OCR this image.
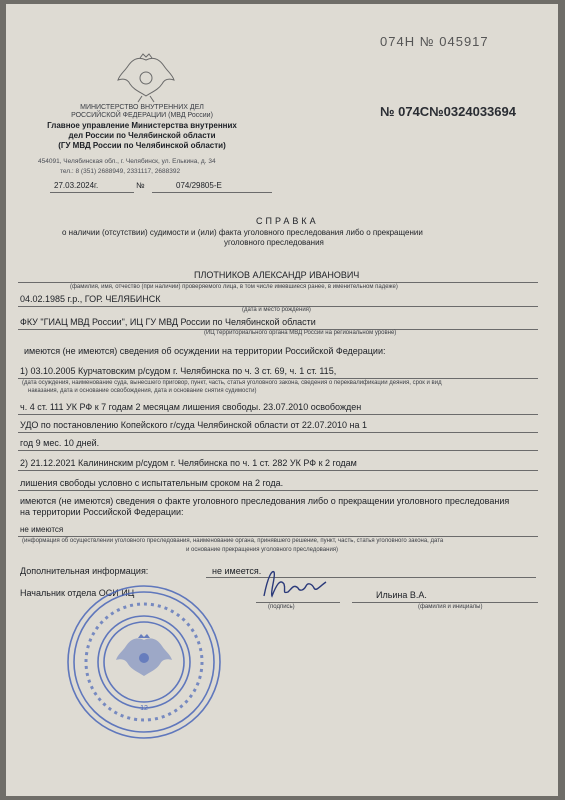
074Н № 045917
МИНИСТЕРСТВО ВНУТРЕННИХ ДЕЛ
РОССИЙСКОЙ ФЕДЕРАЦИИ (МВД России)
Главное управление Министерства внутренних
дел России по Челябинской области
(ГУ МВД России по Челябинской области)
454091, Челябинская обл., г. Челябинск, ул. Елькина, д. 34
тел.: 8 (351) 2688949, 2331117, 2688392
27.03.2024г.	№	074/29805-Е
№ 074С№0324033694
СПРАВКА
о наличии (отсутствии) судимости и (или) факта уголовного преследования либо о прекращении
уголовного преследования
ПЛОТНИКОВ АЛЕКСАНДР ИВАНОВИЧ
(фамилия, имя, отчество (при наличии) проверяемого лица, в том числе имевшиеся ранее, в именительном падеже)
04.02.1985 г.р., ГОР. ЧЕЛЯБИНСК
(дата и место рождения)
ФКУ "ГИАЦ МВД России", ИЦ ГУ МВД России по Челябинской области
(ИЦ территориального органа МВД России на региональном уровне)
имеются (не имеются) сведения об осуждении на территории Российской Федерации:
1) 03.10.2005 Курчатовским р/судом г. Челябинска по ч. 3 ст. 69, ч. 1 ст. 115,
(дата осуждения, наименование суда, вынесшего приговор, пункт, часть, статья уголовного закона, сведения о переквалификации деяния, срок и вид
наказания, дата и основание освобождения, дата и основание снятия судимости)
ч. 4 ст. 111 УК РФ к 7 годам 2 месяцам лишения свободы. 23.07.2010 освобожден
УДО по постановлению Копейского г/суда Челябинской области от 22.07.2010 на 1
год 9 мес. 10 дней.
2) 21.12.2021 Калининским р/судом г. Челябинска по ч. 1 ст. 282 УК РФ к 2 годам
лишения свободы условно с испытательным сроком на 2 года.
имеются (не имеются) сведения о факте уголовного преследования либо о прекращении уголовного преследования
на территории Российской Федерации:
не имеются
(информация об осуществлении уголовного преследования, наименование органа, принявшего решение, пункт, часть, статья уголовного закона, дата
и основание прекращения уголовного преследования)
Дополнительная информация:	не имеется.
Начальник отдела ОСИ ИЦ
(подпись)
Ильина В.А.
(фамилия и инициалы)
12
